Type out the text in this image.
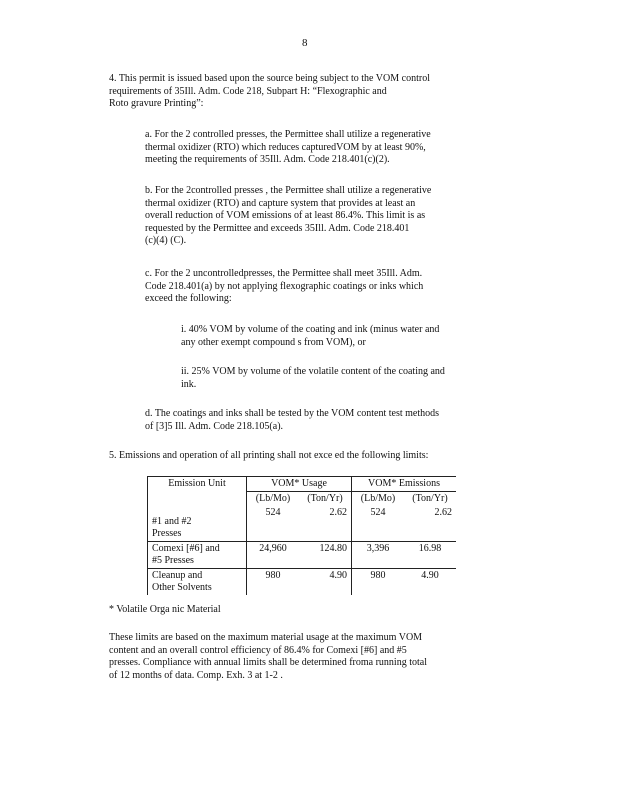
8
4. This permit is issued based upon the source being subject to the VOM control
requirements of 35Ill. Adm. Code 218, Subpart H: “Flexographic and
Roto gravure Printing”:
a. For the 2 controlled presses, the Permittee shall utilize a regenerative
thermal oxidizer (RTO) which reduces capturedVOM by at least 90%,
meeting the requirements of 35Ill. Adm. Code 218.401(c)(2).
b. For the 2controlled presses , the Permittee shall utilize a regenerative
thermal oxidizer (RTO) and capture system that provides at least an
overall reduction of VOM emissions of at least 86.4%. This limit is as
requested by the Permittee and exceeds 35Ill. Adm. Code 218.401
(c)(4) (C).
c. For the 2 uncontrolledpresses, the Permittee shall meet 35Ill. Adm.
Code 218.401(a) by not applying flexographic coatings or inks which
exceed the following:
i. 40% VOM by volume of the coating and ink (minus water and
any other exempt compound s from VOM), or
ii. 25% VOM by volume of the volatile content of the coating and
ink.
d. The coatings and inks shall be tested by the VOM content test methods
of [3]5 Ill. Adm. Code 218.105(a).
5. Emissions and operation of all printing shall not exce ed the following limits:
Emission Unit	VOM* Usage		VOM* Emissions	
	(Lb/Mo)	(Ton/Yr)	(Lb/Mo)	(Ton/Yr)

#1 and #2
Presses	524	2.62	524	2.62

Comexi [#6] and
#5 Presses	24,960	124.80	3,396	16.98

Cleanup and
Other Solvents	980	4.90	980	4.90
* Volatile Orga nic Material
These limits are based on the maximum material usage at the maximum VOM
content and an overall control efficiency of 86.4% for Comexi [#6] and #5
presses. Compliance with annual limits shall be determined froma running total
of 12 months of data. Comp. Exh. 3 at 1-2 .
